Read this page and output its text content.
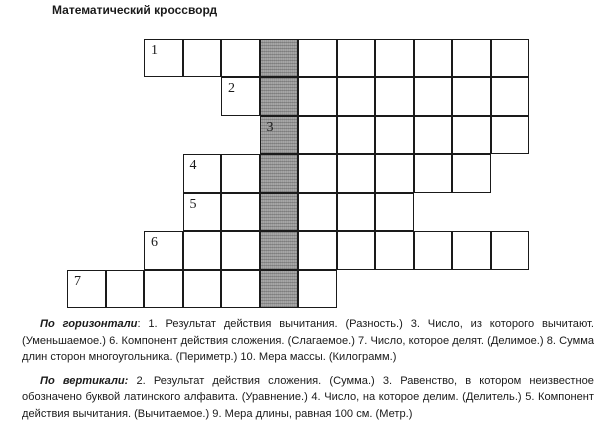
Математический кроссворд
1
2
3
4
5
6
7

По горизонтали: 1. Результат действия вычитания. (Разность.) 3. Число, из которого вычитают. (Уменьшаемое.) 6. Компонент действия сложения. (Слагаемое.) 7. Число, которое делят. (Делимое.) 8. Сумма длин сторон многоугольника. (Периметр.) 10. Мера массы. (Килограмм.)

По вертикали: 2. Результат действия сложения. (Сумма.) 3. Равенство, в котором неизвестное обозначено буквой латинского алфавита. (Уравнение.) 4. Число, на которое делим. (Делитель.) 5. Компонент действия вычитания. (Вычитаемое.) 9. Мера длины, равная 100 см. (Метр.)
